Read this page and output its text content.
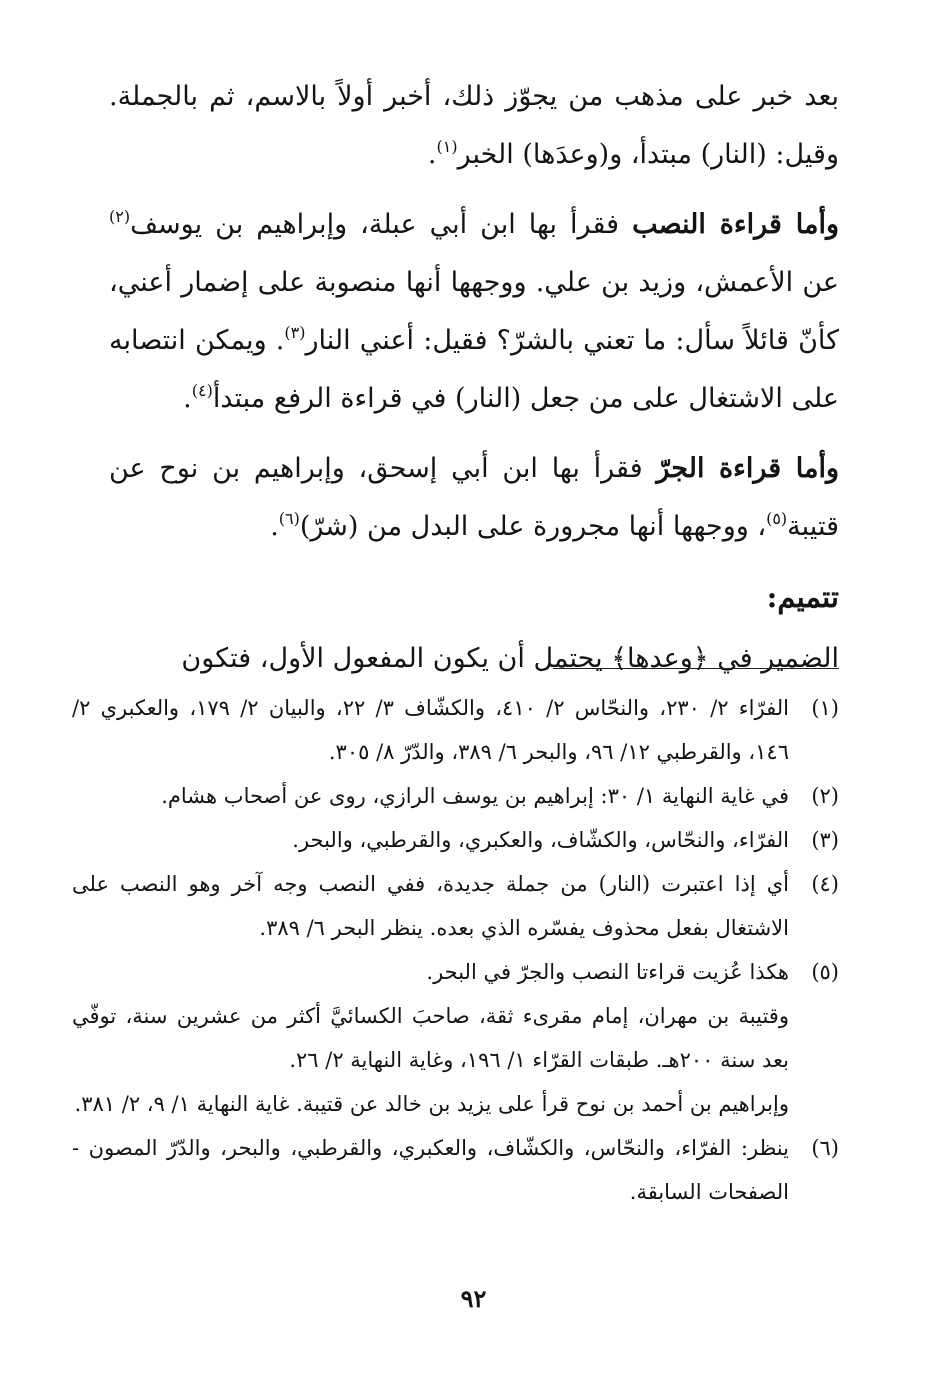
بعد خبر على مذهب من يجوّز ذلك، أخبر أولاً بالاسم، ثم بالجملة. وقيل: (النار) مبتدأ، و(وعدَها) الخبر$^{(١)}$.

وأما قراءة النصب فقرأ بها ابن أبي عبلة، وإبراهيم بن يوسف$^{(٢)}$ عن الأعمش، وزيد بن علي. ووجهها أنها منصوبة على إضمار أعني، كأنّ قائلاً سأل: ما تعني بالشرّ؟ فقيل: أعني النار$^{(٣)}$. ويمكن انتصابه على الاشتغال على من جعل (النار) في قراءة الرفع مبتدأ$^{(٤)}$.

وأما قراءة الجرّ فقرأ بها ابن أبي إسحق، وإبراهيم بن نوح عن قتيبة$^{(٥)}$، ووجهها أنها مجرورة على البدل من (شرّ)$^{(٦)}$.

تتميم:

الضمير في ﴿وعدها﴾ يحتمل أن يكون المفعول الأول، فتكون

(١)
الفرّاء ٢/ ٢٣٠، والنحّاس ٢/ ٤١٠، والكشّاف ٣/ ٢٢، والبيان ٢/ ١٧٩، والعكبري ٢/ ١٤٦، والقرطبي ١٢/ ٩٦، والبحر ٦/ ٣٨٩، والدّرّ ٨/ ٣٠٥.
(٢)
في غاية النهاية ١/ ٣٠: إبراهيم بن يوسف الرازي، روى عن أصحاب هشام.
(٣)
الفرّاء، والنحّاس، والكشّاف، والعكبري، والقرطبي، والبحر.
(٤)
أي إذا اعتبرت (النار) من جملة جديدة، ففي النصب وجه آخر وهو النصب على الاشتغال بفعل محذوف يفسّره الذي بعده. ينظر البحر ٦/ ٣٨٩.
(٥)
هكذا عُزيت قراءتا النصب والجرّ في البحر.
وقتيبة بن مهران، إمام مقرىء ثقة، صاحبَ الكسائيَّ أكثر من عشرين سنة، توفّي بعد سنة ٢٠٠هـ. طبقات القرّاء ١/ ١٩٦، وغاية النهاية ٢/ ٢٦.
وإبراهيم بن أحمد بن نوح قرأ على يزيد بن خالد عن قتيبة. غاية النهاية ١/ ٩، ٢/ ٣٨١.
(٦)
ينظر: الفرّاء، والنحّاس، والكشّاف، والعكبري، والقرطبي، والبحر، والدّرّ المصون - الصفحات السابقة.
٩٢
